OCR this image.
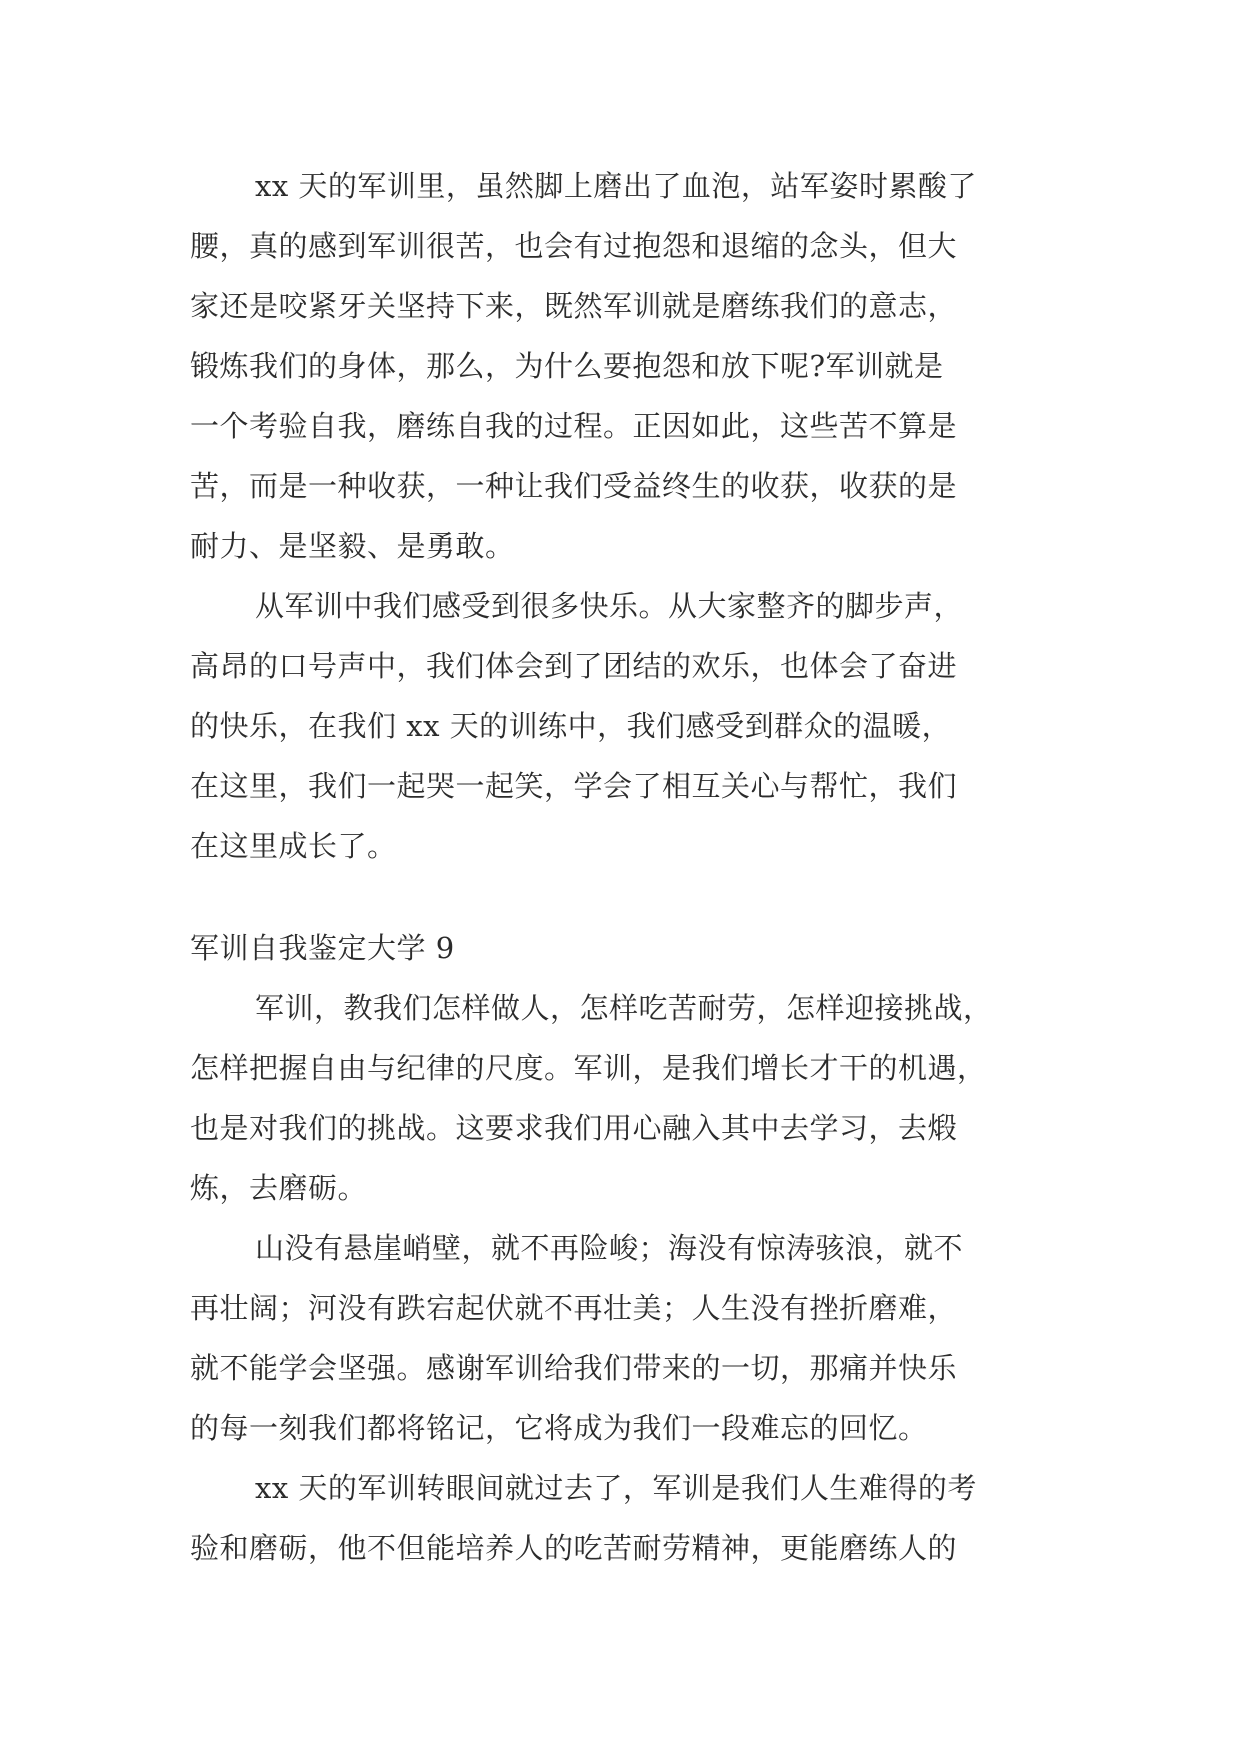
xx 天的军训里，虽然脚上磨出了血泡，站军姿时累酸了
腰，真的感到军训很苦，也会有过抱怨和退缩的念头，但大
家还是咬紧牙关坚持下来，既然军训就是磨练我们的意志，
锻炼我们的身体，那么，为什么要抱怨和放下呢?军训就是
一个考验自我，磨练自我的过程。正因如此，这些苦不算是
苦，而是一种收获，一种让我们受益终生的收获，收获的是
耐力、是坚毅、是勇敢。
从军训中我们感受到很多快乐。从大家整齐的脚步声，
高昂的口号声中，我们体会到了团结的欢乐，也体会了奋进
的快乐，在我们 xx 天的训练中，我们感受到群众的温暖，
在这里，我们一起哭一起笑，学会了相互关心与帮忙，我们
在这里成长了。
军训自我鉴定大学 9
军训，教我们怎样做人，怎样吃苦耐劳，怎样迎接挑战，
怎样把握自由与纪律的尺度。军训，是我们增长才干的机遇，
也是对我们的挑战。这要求我们用心融入其中去学习，去煅
炼，去磨砺。
山没有悬崖峭壁，就不再险峻；海没有惊涛骇浪，就不
再壮阔；河没有跌宕起伏就不再壮美；人生没有挫折磨难，
就不能学会坚强。感谢军训给我们带来的一切，那痛并快乐
的每一刻我们都将铭记，它将成为我们一段难忘的回忆。
xx 天的军训转眼间就过去了，军训是我们人生难得的考
验和磨砺，他不但能培养人的吃苦耐劳精神，更能磨练人的
